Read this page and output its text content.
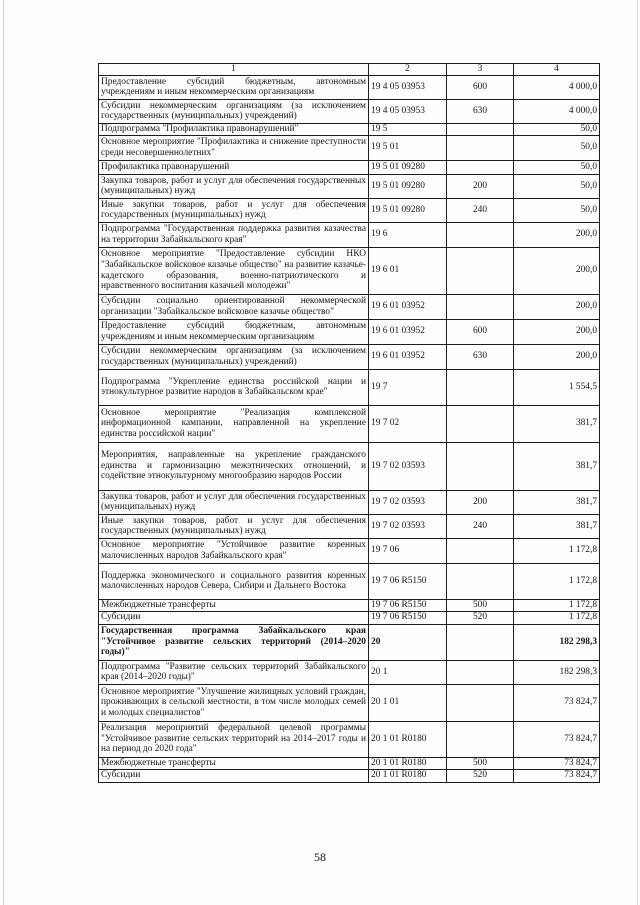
1	2	3	4
Предоставление субсидий бюджетным, автономным учреждениям и иным некоммерческим организациям	19 4 05 03953	600	4 000,0
Субсидии некоммерческим организациям (за исключением государственных (муниципальных) учреждений)	19 4 05 03953	630	4 000,0
Подпрограмма "Профилактика правонарушений"	19 5		50,0
Основное мероприятие "Профилактика и снижение преступности среди несовершеннолетних"	19 5 01		50,0
Профилактика правонарушений	19 5 01 09280		50,0
Закупка товаров, работ и услуг для обеспечения государственных (муниципальных) нужд	19 5 01 09280	200	50,0
Иные закупки товаров, работ и услуг для обеспечения государственных (муниципальных) нужд	19 5 01 09280	240	50,0
Подпрограмма "Государственная поддержка развития казачества на территории Забайкальского края"	19 6		200,0
Основное мероприятие "Предоставление субсидии НКО "Забайкальское войсковое казачье общество" на развитие казачье-кадетского образования, военно-патриотического и нравственного воспитания казачьей молодежи"	19 6 01		200,0
Субсидии социально ориентированной некоммерческой организации "Забайкальское войсковое казачье общество"	19 6 01 03952		200,0
Предоставление субсидий бюджетным, автономным учреждениям и иным некоммерческим организациям	19 6 01 03952	600	200,0
Субсидии некоммерческим организациям (за исключением государственных (муниципальных) учреждений)	19 6 01 03952	630	200,0
Подпрограмма "Укрепление единства российской нации и этнокультурное развитие народов в Забайкальском крае"	19 7		1 554,5
Основное мероприятие "Реализация комплексной информационной кампании, направленной на укрепление единства российской нации"	19 7 02		381,7
Мероприятия, направленные на укрепление гражданского единства и гармонизацию межэтнических отношений, и содействие этнокультурному многообразию народов России	19 7 02 03593		381,7
Закупка товаров, работ и услуг для обеспечения государственных (муниципальных) нужд	19 7 02 03593	200	381,7
Иные закупки товаров, работ и услуг для обеспечения государственных (муниципальных) нужд	19 7 02 03593	240	381,7
Основное мероприятие "Устойчивое развитие коренных малочисленных народов Забайкальского края"	19 7 06		1 172,8
Поддержка экономического и социального развития коренных малочисленных народов Севера, Сибири и Дальнего Востока	19 7 06 R5150		1 172,8
Межбюджетные трансферты	19 7 06 R5150	500	1 172,8
Субсидии	19 7 06 R5150	520	1 172,8
Государственная программа Забайкальского края "Устойчивое развитие сельских территорий (2014–2020 годы)"	20		182 298,3
Подпрограмма "Развитие сельских территорий Забайкальского края (2014–2020 годы)"	20 1		182 298,3
Основное мероприятие "Улучшение жилищных условий граждан, проживающих в сельской местности, в том числе молодых семей и молодых специалистов"	20 1 01		73 824,7
Реализация мероприятий федеральной целевой программы "Устойчивое развитие сельских территорий на 2014–2017 годы и на период до 2020 года"	20 1 01 R0180		73 824,7
Межбюджетные трансферты	20 1 01 R0180	500	73 824,7
Субсидии	20 1 01 R0180	520	73 824,7
58
